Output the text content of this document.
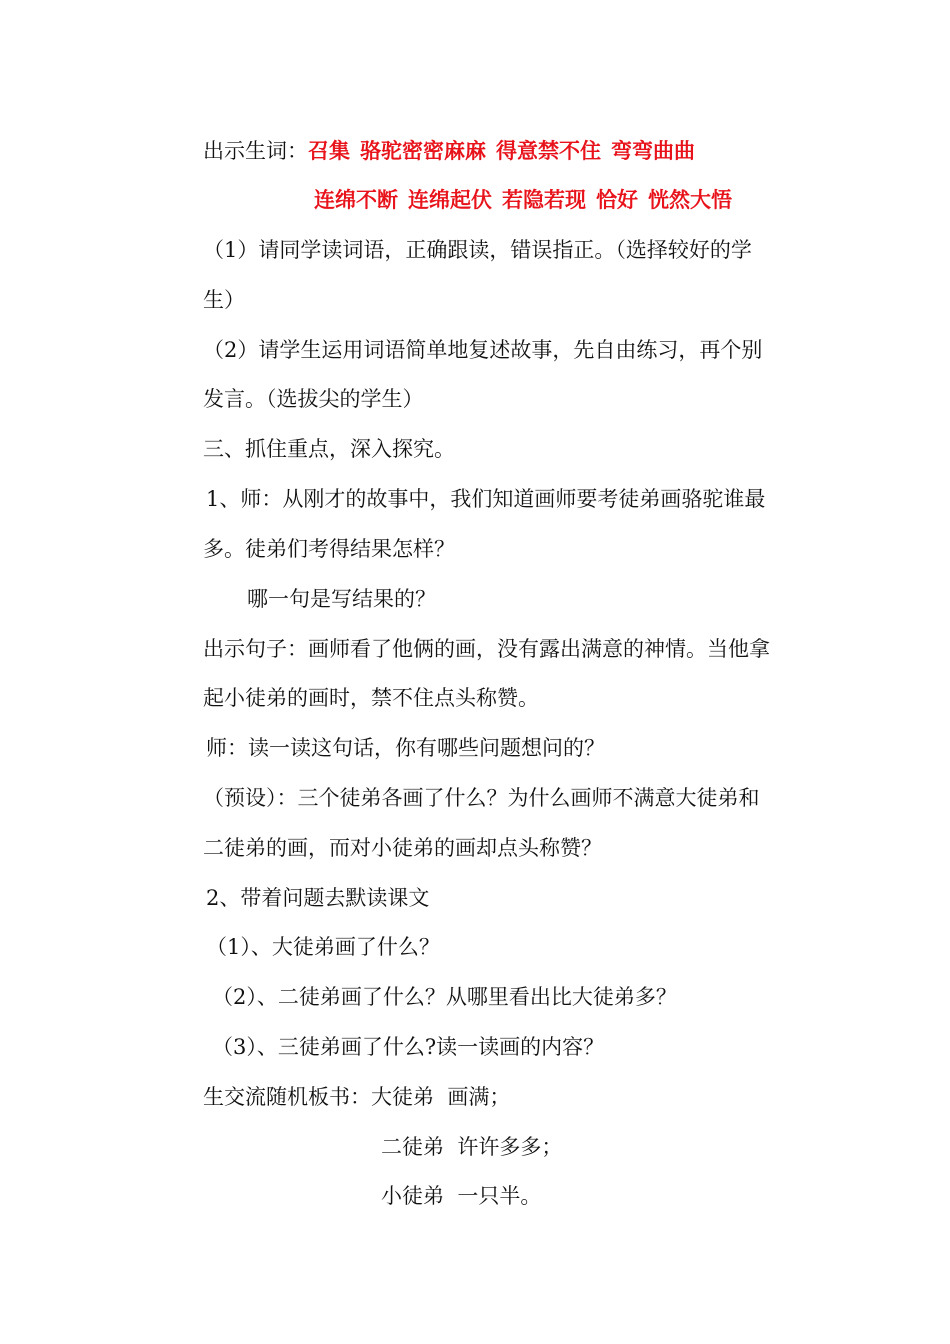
出示生词：召集 骆驼密密麻麻 得意禁不住 弯弯曲曲
连绵不断 连绵起伏 若隐若现 恰好 恍然大悟
（1）请同学读词语，正确跟读，错误指正。（选择较好的学
生）
（2）请学生运用词语简单地复述故事，先自由练习，再个别
发言。（选拔尖的学生）
三、抓住重点，深入探究。
1、师：从刚才的故事中，我们知道画师要考徒弟画骆驼谁最
多。徒弟们考得结果怎样？
哪一句是写结果的？
出示句子：画师看了他俩的画，没有露出满意的神情。当他拿
起小徒弟的画时，禁不住点头称赞。
师：读一读这句话，你有哪些问题想问的？
（预设）：三个徒弟各画了什么？为什么画师不满意大徒弟和
二徒弟的画，而对小徒弟的画却点头称赞？
2、带着问题去默读课文
（1）、大徒弟画了什么？
（2）、二徒弟画了什么？从哪里看出比大徒弟多？
（3）、三徒弟画了什么?读一读画的内容？
生交流随机板书：大徒弟  画满；
二徒弟  许许多多；
小徒弟  一只半。
